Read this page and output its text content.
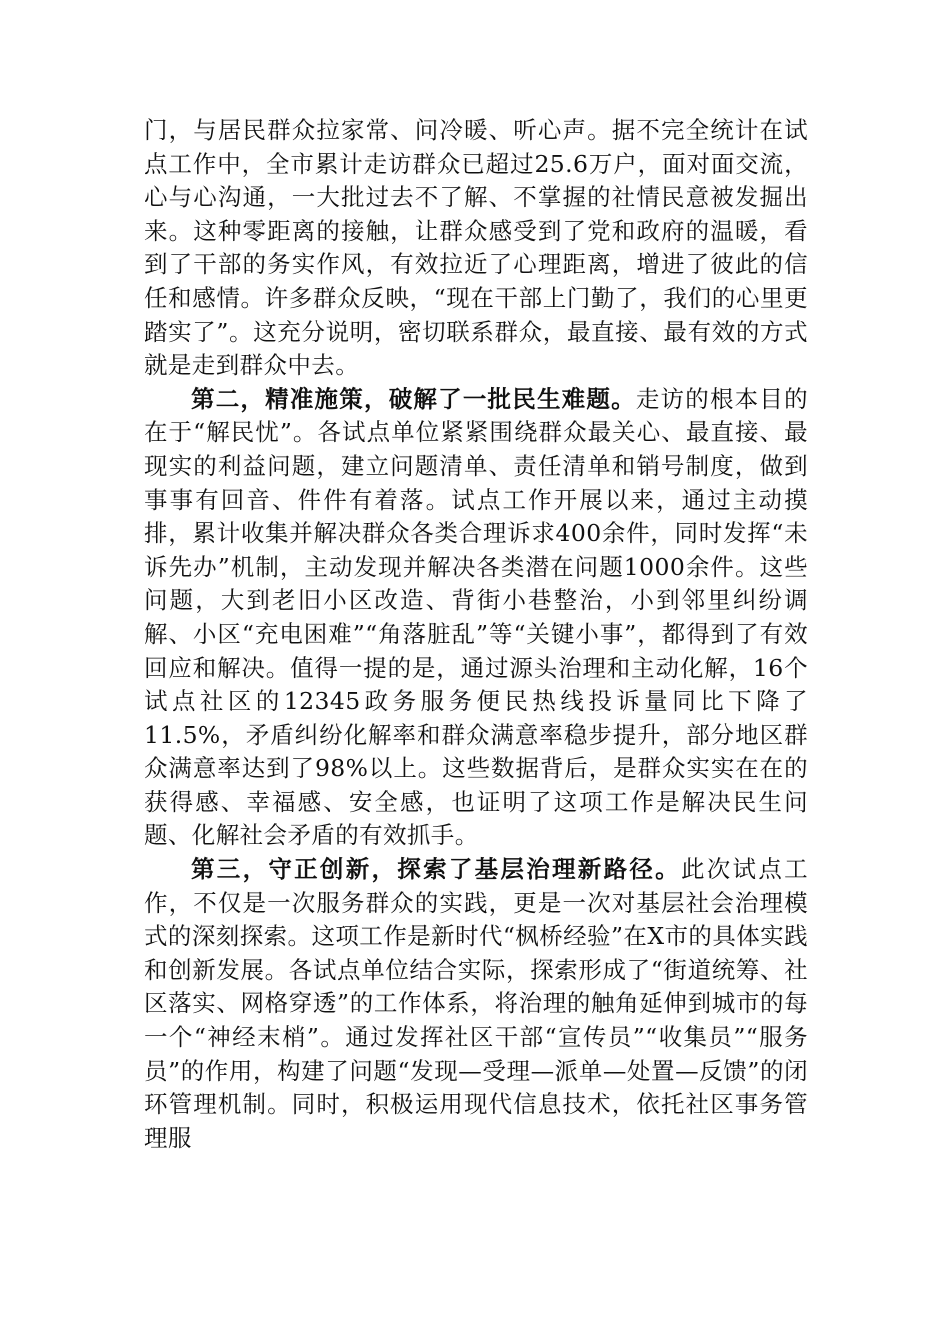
门，与居民群众拉家常、问冷暖、听心声。据不完全统计在试点工作中，全市累计走访群众已超过25.6万户，面对面交流，心与心沟通，一大批过去不了解、不掌握的社情民意被发掘出来。这种零距离的接触，让群众感受到了党和政府的温暖，看到了干部的务实作风，有效拉近了心理距离，增进了彼此的信任和感情。许多群众反映，“现在干部上门勤了，我们的心里更踏实了”。这充分说明，密切联系群众，最直接、最有效的方式就是走到群众中去。

第二，精准施策，破解了一批民生难题。走访的根本目的在于“解民忧”。各试点单位紧紧围绕群众最关心、最直接、最现实的利益问题，建立问题清单、责任清单和销号制度，做到事事有回音、件件有着落。试点工作开展以来，通过主动摸排，累计收集并解决群众各类合理诉求400余件，同时发挥“未诉先办”机制，主动发现并解决各类潜在问题1000余件。这些问题，大到老旧小区改造、背街小巷整治，小到邻里纠纷调解、小区“充电困难”“角落脏乱”等“关键小事”，都得到了有效回应和解决。值得一提的是，通过源头治理和主动化解，16个试点社区的12345政务服务便民热线投诉量同比下降了11.5%，矛盾纠纷化解率和群众满意率稳步提升，部分地区群众满意率达到了98%以上。这些数据背后，是群众实实在在的获得感、幸福感、安全感，也证明了这项工作是解决民生问题、化解社会矛盾的有效抓手。

第三，守正创新，探索了基层治理新路径。此次试点工作，不仅是一次服务群众的实践，更是一次对基层社会治理模式的深刻探索。这项工作是新时代“枫桥经验”在X市的具体实践和创新发展。各试点单位结合实际，探索形成了“街道统筹、社区落实、网格穿透”的工作体系，将治理的触角延伸到城市的每一个“神经末梢”。通过发挥社区干部“宣传员”“收集员”“服务员”的作用，构建了问题“发现—受理—派单—处置—反馈”的闭环管理机制。同时，积极运用现代信息技术，依托社区事务管理服
